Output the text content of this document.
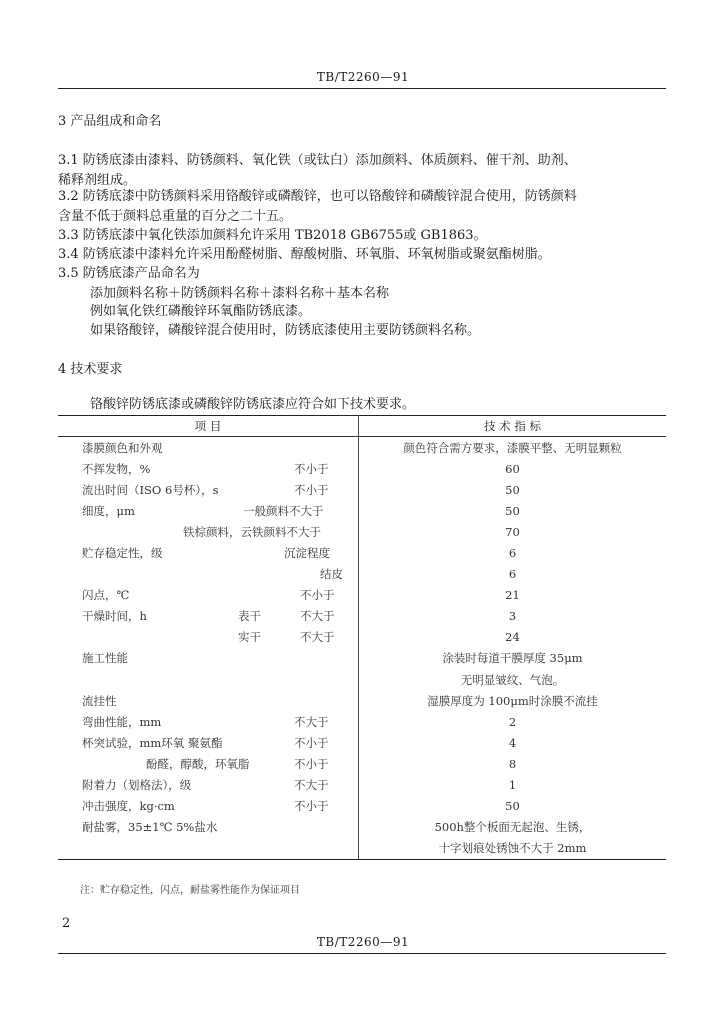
TB/T2260—91
3 产品组成和命名
3.1 防锈底漆由漆料、防锈颜料、氧化铁（或钛白）添加颜料、体质颜料、催干剂、助剂、
稀释剂组成。
3.2 防锈底漆中防锈颜料采用铬酸锌或磷酸锌，也可以铬酸锌和磷酸锌混合使用，防锈颜料
含量不低于颜料总重量的百分之二十五。
3.3 防锈底漆中氧化铁添加颜料允许采用 TB2018 GB6755或 GB1863。
3.4 防锈底漆中漆料允许采用酚醛树脂、醇酸树脂、环氧脂、环氧树脂或聚氨酯树脂。
3.5 防锈底漆产品命名为
添加颜料名称＋防锈颜料名称＋漆料名称＋基本名称
例如氧化铁红磷酸锌环氧酯防锈底漆。
如果铬酸锌，磷酸锌混合使用时，防锈底漆使用主要防锈颜料名称。
4 技术要求
铬酸锌防锈底漆或磷酸锌防锈底漆应符合如下技术要求。
项 目	技 术 指 标

漆膜颜色和外观	颜色符合需方要求，漆膜平整、无明显颗粒

不挥发物，% 不小于	60

流出时间（ISO 6号杯），s 不小于	50

细度，μm 一般颜料不大于	50

铁棕颜料，云铁颜料不大于	70

贮存稳定性，级 沉淀程度	6

结皮	6

闪点，℃ 不小于	21

干燥时间，h 表干 不大于	3

实干 不大于	24

施工性能	涂装时每道干膜厚度 35μm
	无明显皱纹、气泡。

流挂性	湿膜厚度为 100μm时涂膜不流挂

弯曲性能，mm 不大于	2

杯突试验，mm环氧 聚氨酯 不小于	4

酚醛，醇酸，环氧脂 不小于	8

附着力（划格法），级 不大于	1

冲击强度，kg·cm 不小于	50

耐盐雾，35±1℃ 5%盐水	500h整个板面无起泡、生锈，
	十字划痕处锈蚀不大于 2mm
注：贮存稳定性，闪点，耐盐雾性能作为保证项目
2
TB/T2260—91
